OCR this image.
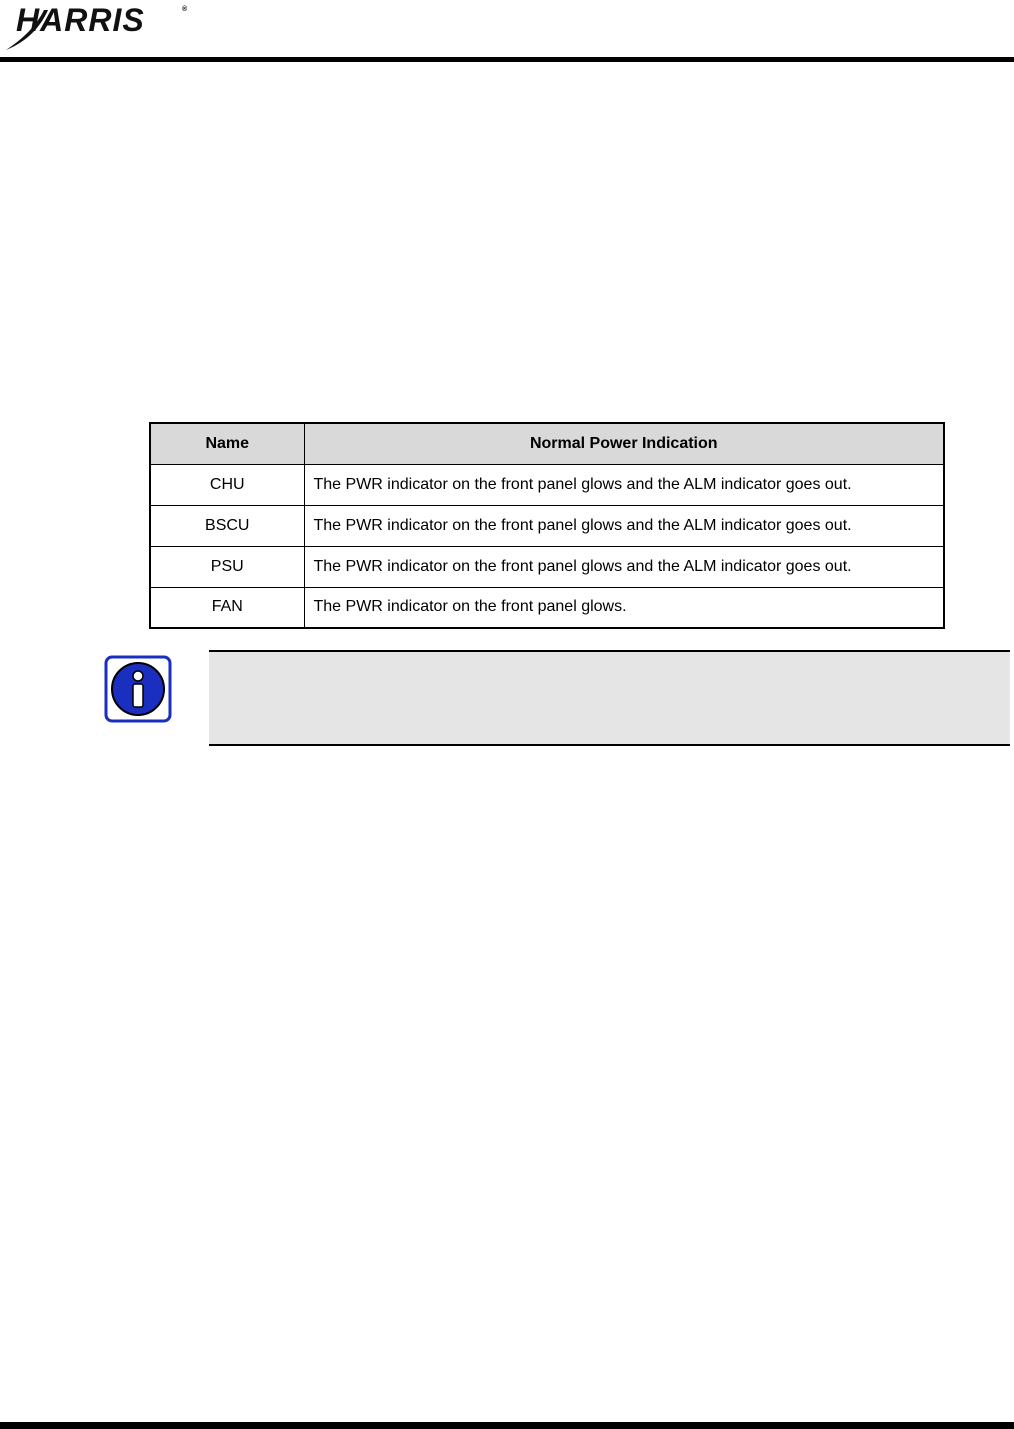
HARRIS	®
Name	Normal Power Indication
CHU	The PWR indicator on the front panel glows and the ALM indicator goes out.
BSCU	The PWR indicator on the front panel glows and the ALM indicator goes out.
PSU	The PWR indicator on the front panel glows and the ALM indicator goes out.
FAN	The PWR indicator on the front panel glows.
